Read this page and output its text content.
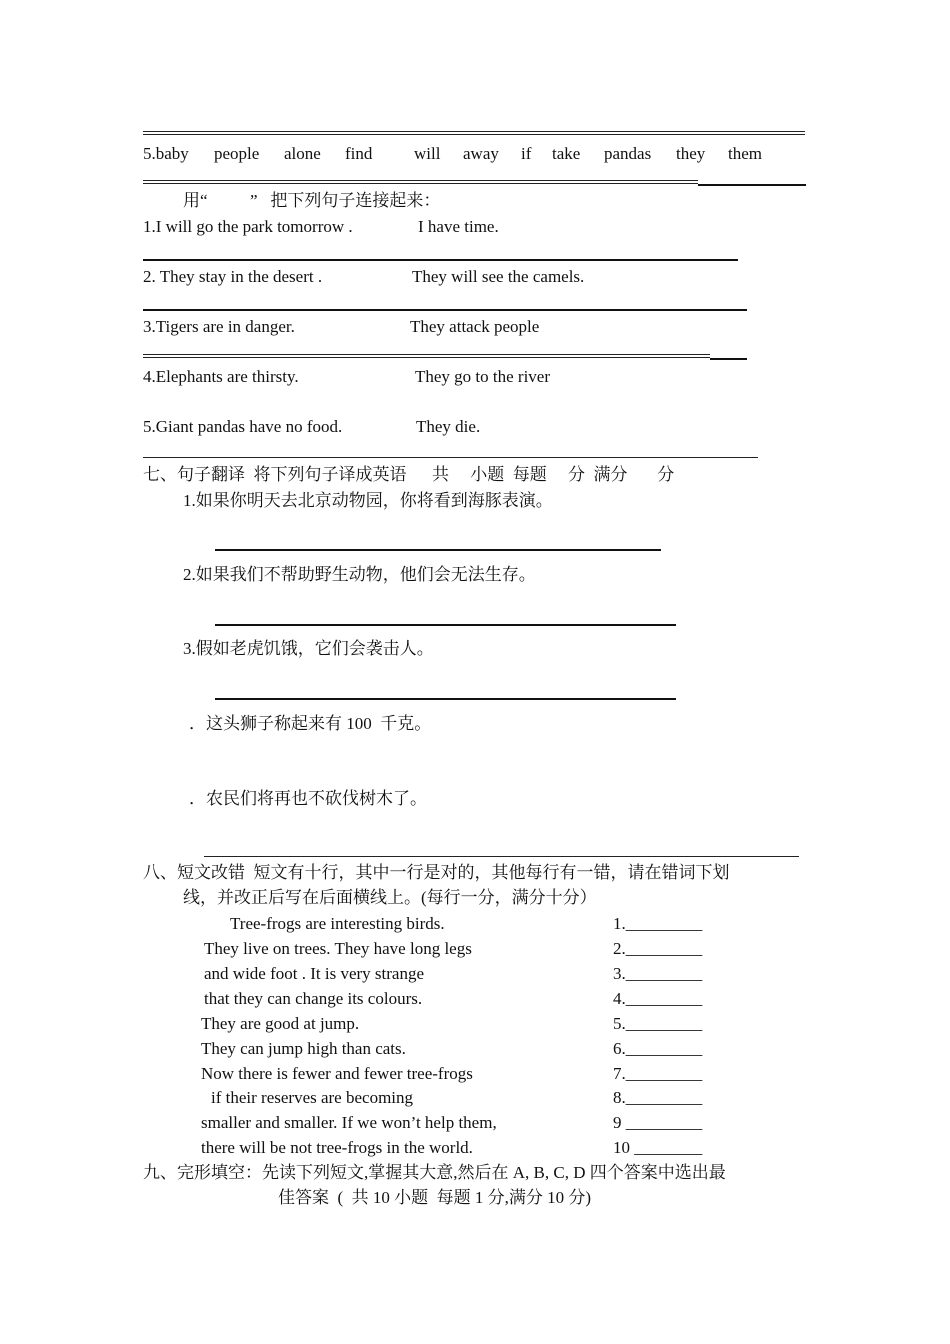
5.baby people alone find will away if take pandas they them
用“          ”   把下列句子连接起来：
1.I will go the park tomorrow .	I have time.
2. They stay in the desert .	They will see the camels.
3.Tigers are in danger.	They attack people
4.Elephants are thirsty.	They go to the river
5.Giant pandas have no food.	They die.
七、句子翻译  将下列句子译成英语      共     小题  每题     分  满分       分
1.如果你明天去北京动物园，你将看到海豚表演。
2.如果我们不帮助野生动物，他们会无法生存。
3.假如老虎饥饿，它们会袭击人。
．这头狮子称起来有 100  千克。
．农民们将再也不砍伐树木了。
八、短文改错  短文有十行，其中一行是对的，其他每行有一错，请在错词下划
线，并改正后写在后面横线上。(每行一分，满分十分）
Tree-frogs are interesting birds.	1._________
They live on trees. They have long legs	2._________
and wide foot . It is very strange	3._________
that they can change its colours.	4._________
They are good at jump.	5._________
They can jump high than cats.	6._________
Now there is fewer and fewer tree-frogs	7._________
if their reserves are becoming	8._________
smaller and smaller. If we won’t help them,	9 _________
there will be not tree-frogs in the world.	10 ________
九、完形填空：先读下列短文,掌握其大意,然后在 A, B, C, D 四个答案中选出最
佳答案  (  共 10 小题  每题 1 分,满分 10 分)
